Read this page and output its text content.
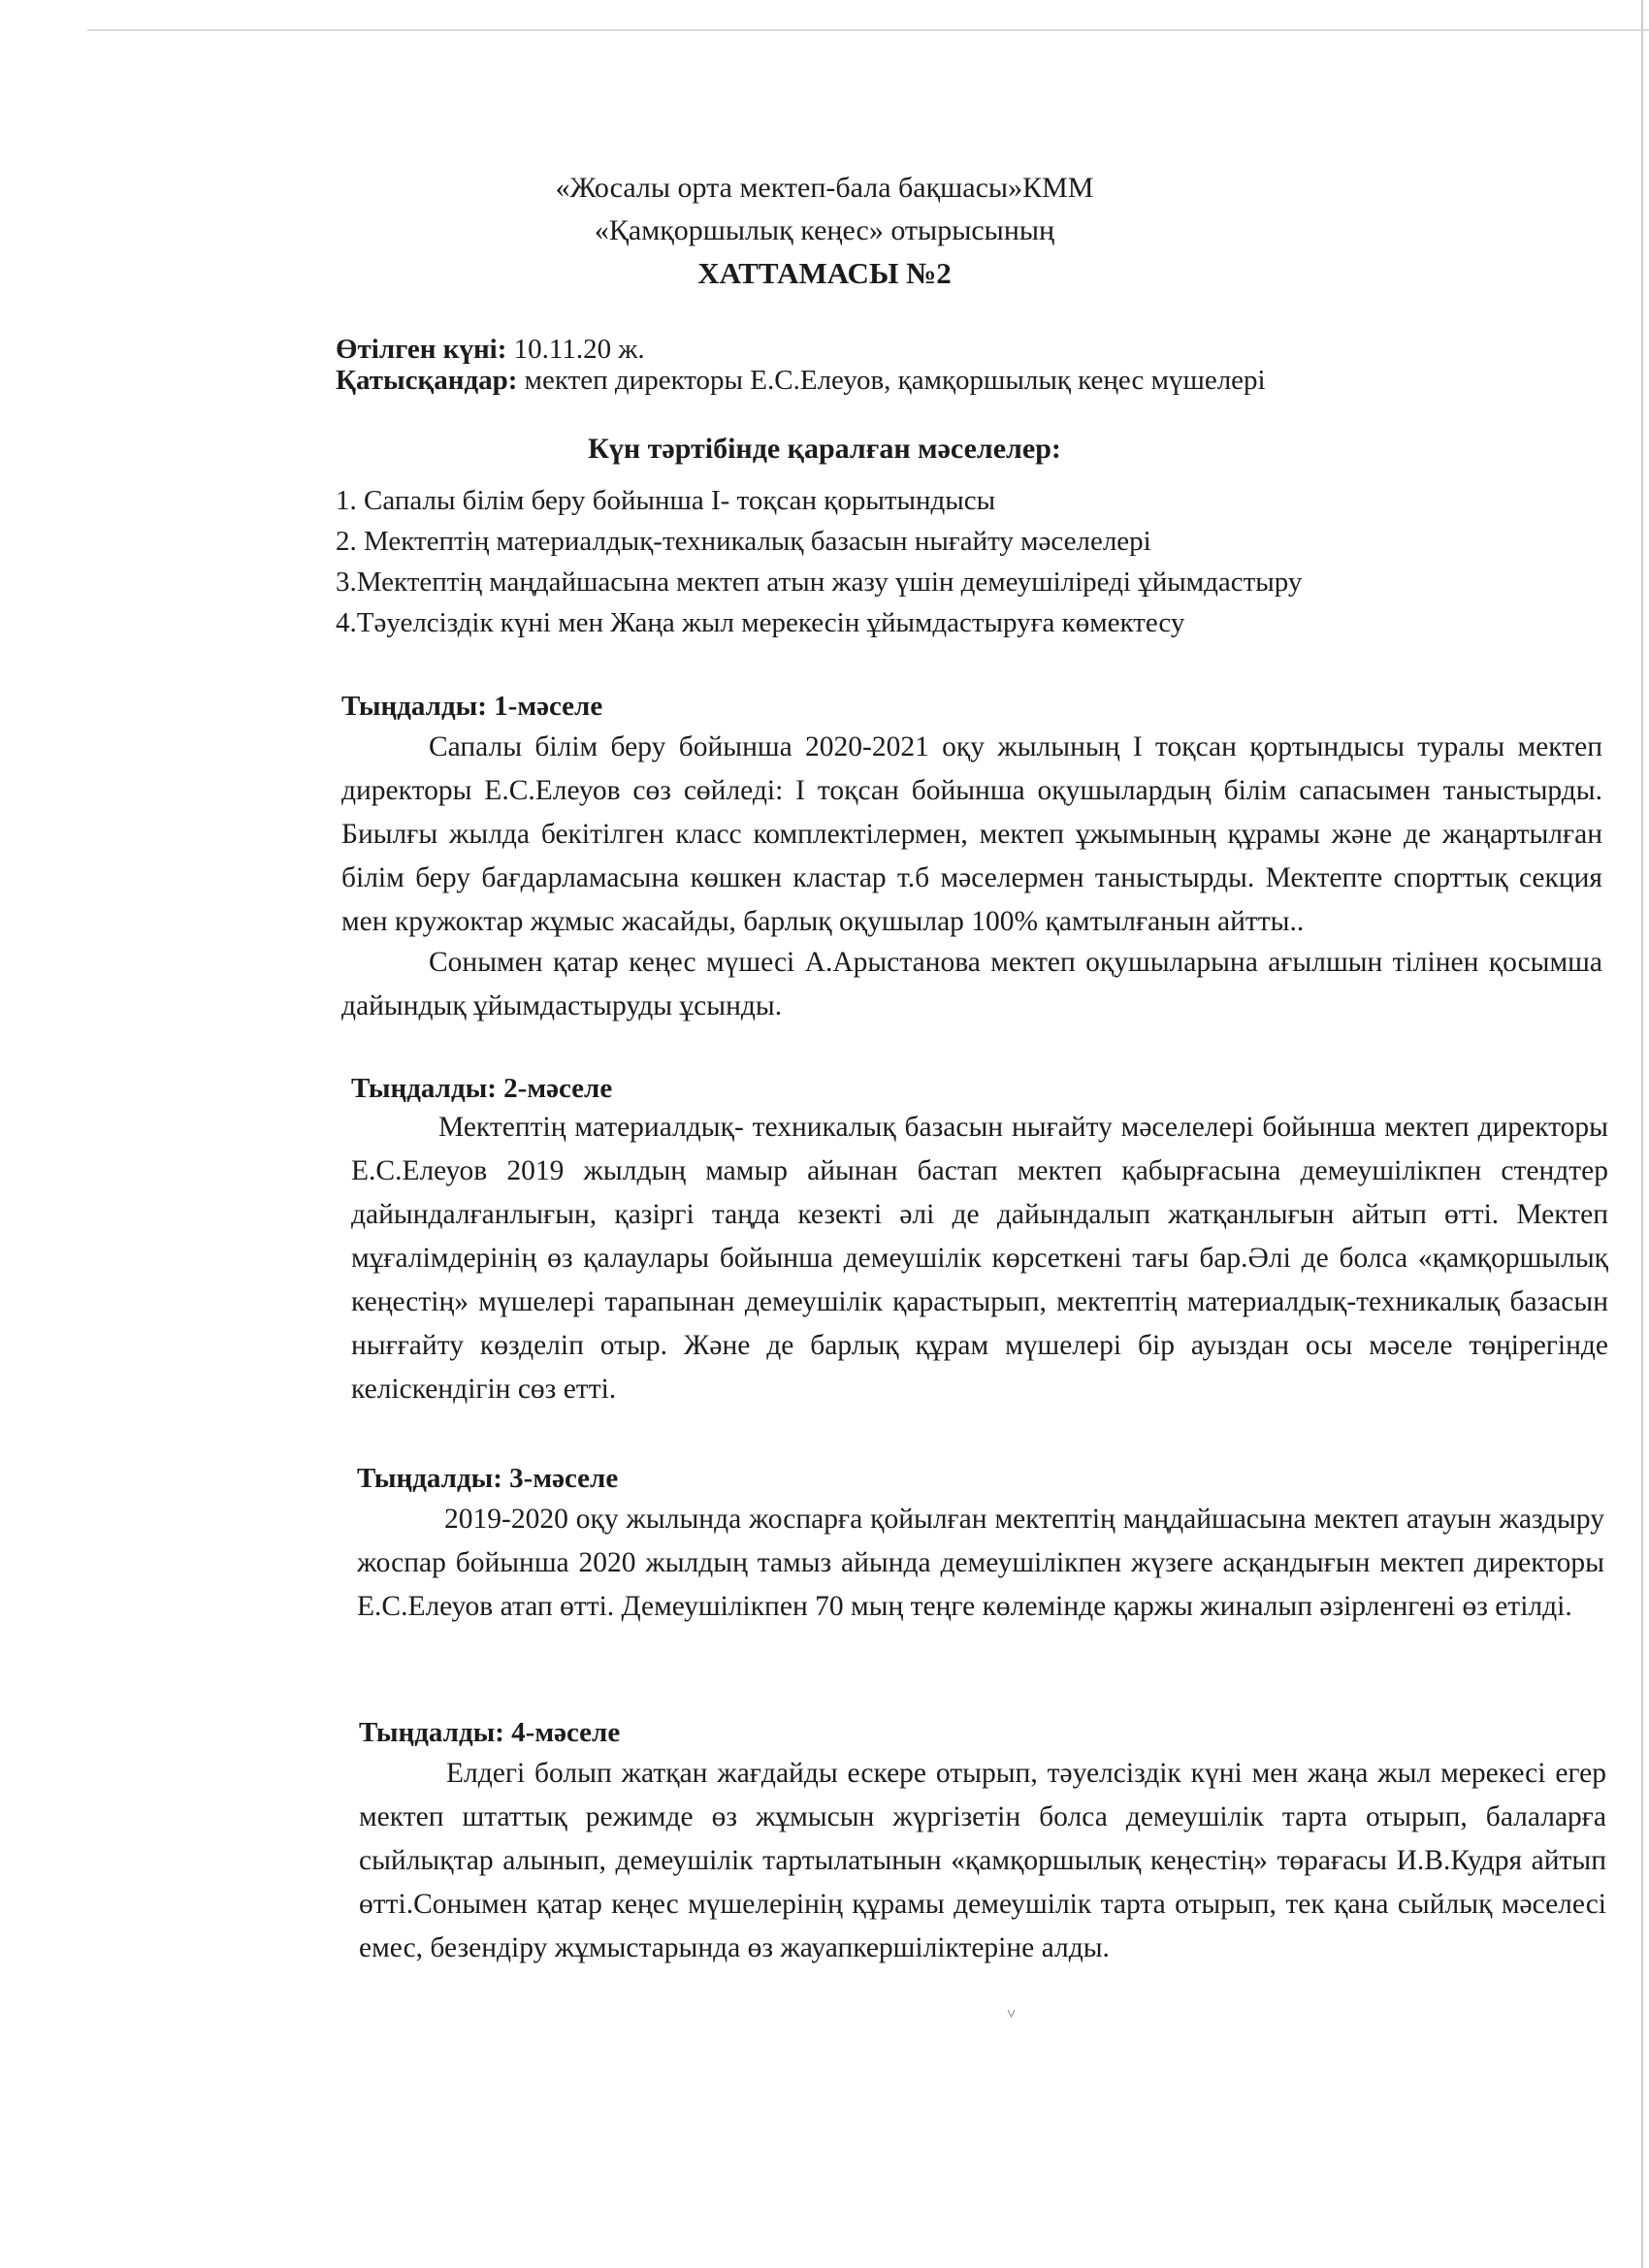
«Жосалы орта мектеп-бала бақшасы»КММ
«Қамқоршылық кеңес» отырысының
ХАТТАМАСЫ №2
Өтілген күні: 10.11.20 ж.
Қатысқандар: мектеп директоры Е.С.Елеуов, қамқоршылық кеңес мүшелері
Күн тәртібінде қаралған мәселелер:
1. Сапалы білім беру бойынша І- тоқсан қорытындысы
2. Мектептің материалдық-техникалық базасын нығайту мәселелері
3.Мектептің маңдайшасына мектеп атын жазу үшін демеушіліреді ұйымдастыру
4.Тәуелсіздік күні мен Жаңа жыл мерекесін ұйымдастыруға көмектесу
Тыңдалды: 1-мәселе
Сапалы білім беру бойынша 2020-2021 оқу жылының І тоқсан қортындысы туралы мектеп директоры Е.С.Елеуов сөз сөйледі: І тоқсан бойынша оқушылардың білім сапасымен таныстырды. Биылғы жылда бекітілген класс комплектілермен, мектеп ұжымының құрамы және де жаңартылған білім беру бағдарламасына көшкен кластар т.б мәселермен таныстырды. Мектепте спорттық секция мен кружоктар жұмыс жасайды, барлық оқушылар 100% қамтылғанын айтты..
Сонымен қатар кеңес мүшесі А.Арыстанова мектеп оқушыларына ағылшын тілінен қосымша дайындық ұйымдастыруды ұсынды.
Тыңдалды: 2-мәселе
Мектептің материалдық- техникалық базасын нығайту мәселелері бойынша мектеп директоры Е.С.Елеуов 2019 жылдың мамыр айынан бастап мектеп қабырғасына демеушілікпен стендтер дайындалғанлығын, қазіргі таңда кезекті әлі де дайындалып жатқанлығын айтып өтті. Мектеп мұғалімдерінің өз қалаулары бойынша демеушілік көрсеткені тағы бар.Әлі де болса «қамқоршылық кеңестің» мүшелері тарапынан демеушілік қарастырып, мектептің материалдық-техникалық базасын нығғайту көзделіп отыр. Және де барлық құрам мүшелері бір ауыздан осы мәселе төңірегінде келіскендігін сөз етті.
Тыңдалды: 3-мәселе
2019-2020 оқу жылында жоспарға қойылған мектептің маңдайшасына мектеп атауын жаздыру жоспар бойынша 2020 жылдың тамыз айында демеушілікпен жүзеге асқандығын мектеп директоры Е.С.Елеуов атап өтті. Демеушілікпен 70 мың теңге көлемінде қаржы жиналып әзірленгені өз етілді.
Тыңдалды: 4-мәселе
Елдегі болып жатқан жағдайды ескере отырып, тәуелсіздік күні мен жаңа жыл мерекесі егер мектеп штаттық режимде өз жұмысын жүргізетін болса демеушілік тарта отырып, балаларға сыйлықтар алынып, демеушілік тартылатынын «қамқоршылық кеңестің» төрағасы И.В.Кудря айтып өтті.Сонымен қатар кеңес мүшелерінің құрамы демеушілік тарта отырып, тек қана сыйлық мәселесі емес, безендіру жұмыстарында өз жауапкершіліктеріне алды.
˅
